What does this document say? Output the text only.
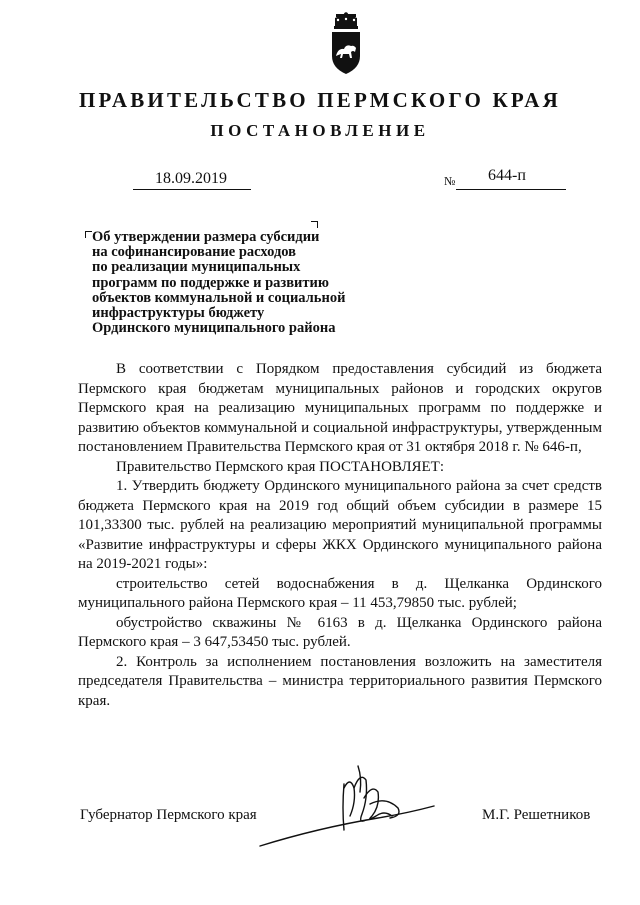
ПРАВИТЕЛЬСТВО ПЕРМСКОГО КРАЯ
ПОСТАНОВЛЕНИЕ
18.09.2019	№ 644-п
Об утверждении размера субсидии
на софинансирование расходов
по реализации муниципальных
программ по поддержке и развитию
объектов коммунальной и социальной
инфраструктуры бюджету
Ординского муниципального района

В соответствии с Порядком предоставления субсидий из бюджета Пермского края бюджетам муниципальных районов и городских округов Пермского края на реализацию муниципальных программ по поддержке и развитию объектов коммунальной и социальной инфраструктуры, утвержденным постановлением Правительства Пермского края от 31 октября 2018 г. № 646-п,

Правительство Пермского края ПОСТАНОВЛЯЕТ:

1. Утвердить бюджету Ординского муниципального района за счет средств бюджета Пермского края на 2019 год общий объем субсидии в размере 15 101,33300 тыс. рублей на реализацию мероприятий муниципальной программы «Развитие инфраструктуры и сферы ЖКХ Ординского муниципального района на 2019-2021 годы»:

строительство сетей водоснабжения в д. Щелканка Ординского муниципального района Пермского края – 11 453,79850 тыс. рублей;

обустройство скважины № 6163 в д. Щелканка Ординского района Пермского края – 3 647,53450 тыс. рублей.

2. Контроль за исполнением постановления возложить на заместителя председателя Правительства – министра территориального развития Пермского края.

Губернатор Пермского края	М.Г. Решетников
